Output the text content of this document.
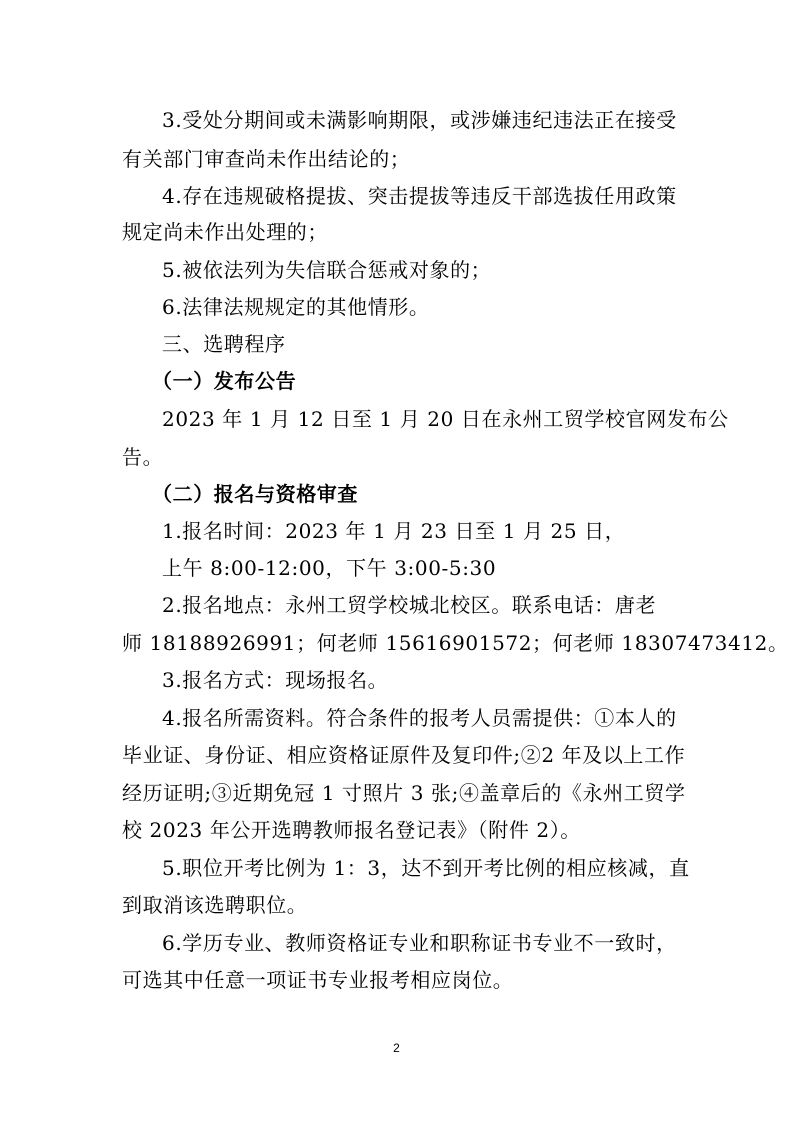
3.受处分期间或未满影响期限，或涉嫌违纪违法正在接受
有关部门审查尚未作出结论的；
4.存在违规破格提拔、突击提拔等违反干部选拔任用政策
规定尚未作出处理的；
5.被依法列为失信联合惩戒对象的；
6.法律法规规定的其他情形。
三、选聘程序
（一）发布公告
2023 年 1 月 12 日至 1 月 20 日在永州工贸学校官网发布公
告。
（二）报名与资格审查
1.报名时间：2023 年 1 月 23 日至 1 月 25 日，
上午 8:00-12:00，下午 3:00-5:30
2.报名地点：永州工贸学校城北校区。联系电话：唐老
师 18188926991；何老师 15616901572；何老师 18307473412。
3.报名方式：现场报名。
4.报名所需资料。符合条件的报考人员需提供：①本人的
毕业证、身份证、相应资格证原件及复印件;②2 年及以上工作
经历证明;③近期免冠 1 寸照片 3 张;④盖章后的《永州工贸学
校 2023 年公开选聘教师报名登记表》（附件 2）。
5.职位开考比例为 1：3，达不到开考比例的相应核减，直
到取消该选聘职位。
6.学历专业、教师资格证专业和职称证书专业不一致时，
可选其中任意一项证书专业报考相应岗位。
2
